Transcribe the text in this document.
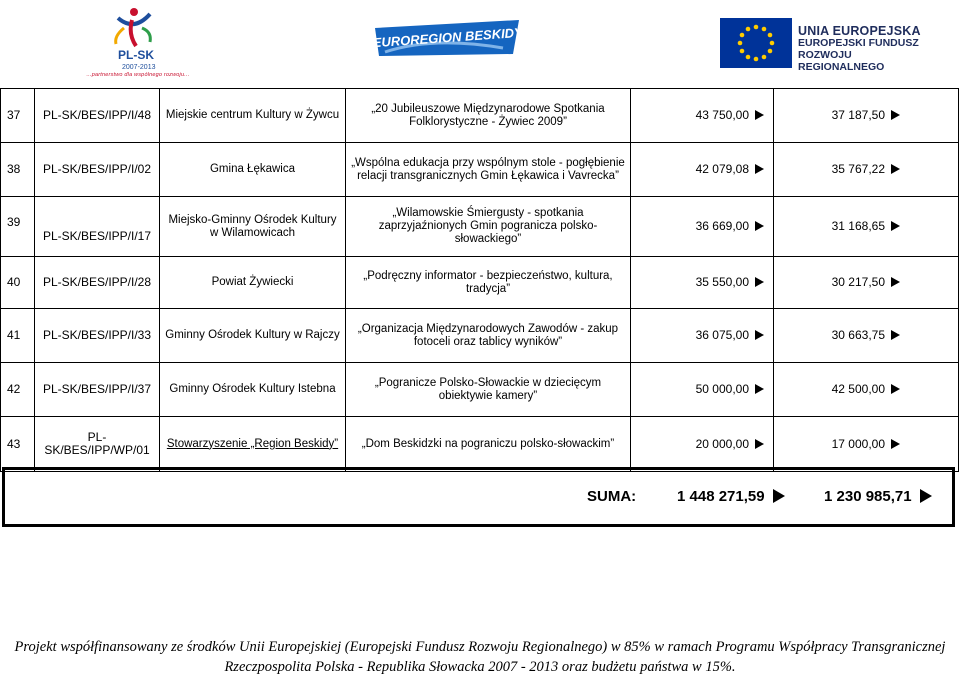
PL-SK
2007-2013
...partnerstwo dla wspólnego rozwoju...
EUROREGION BESKIDY	UNIA EUROPEJSKA
EUROPEJSKI FUNDUSZ
ROZWOJU REGIONALNEGO
37	PL-SK/BES/IPP/I/48	Miejskie centrum Kultury w Żywcu	„20 Jubileuszowe Międzynarodowe Spotkania Folklorystyczne - Żywiec 2009”	43 750,00	37 187,50
38	PL-SK/BES/IPP/I/02	Gmina Łękawica	„Wspólna edukacja przy wspólnym stole - pogłębienie relacji transgranicznych Gmin Łękawica i Vavrecka”	42 079,08	35 767,22
39	PL-SK/BES/IPP/I/17	Miejsko-Gminny Ośrodek Kultury w Wilamowicach	„Wilamowskie Śmiergusty - spotkania zaprzyjaźnionych Gmin pogranicza polsko-słowackiego”	36 669,00	31 168,65
40	PL-SK/BES/IPP/I/28	Powiat Żywiecki	„Podręczny informator - bezpieczeństwo, kultura, tradycja”	35 550,00	30 217,50
41	PL-SK/BES/IPP/I/33	Gminny Ośrodek Kultury w Rajczy	„Organizacja Międzynarodowych Zawodów - zakup fotoceli oraz tablicy wyników”	36 075,00	30 663,75
42	PL-SK/BES/IPP/I/37	Gminny Ośrodek Kultury Istebna	„Pogranicze Polsko-Słowackie w dziecięcym obiektywie kamery”	50 000,00	42 500,00
43	PL-SK/BES/IPP/WP/01	Stowarzyszenie „Region Beskidy”	„Dom Beskidzki na pograniczu polsko-słowackim”	20 000,00	17 000,00
SUMA:	1 448 271,59	1 230 985,71
Projekt współfinansowany ze środków Unii Europejskiej (Europejski Fundusz Rozwoju Regionalnego) w 85% w ramach Programu Współpracy Transgranicznej
Rzeczpospolita Polska - Republika Słowacka 2007 - 2013 oraz budżetu państwa w 15%.
